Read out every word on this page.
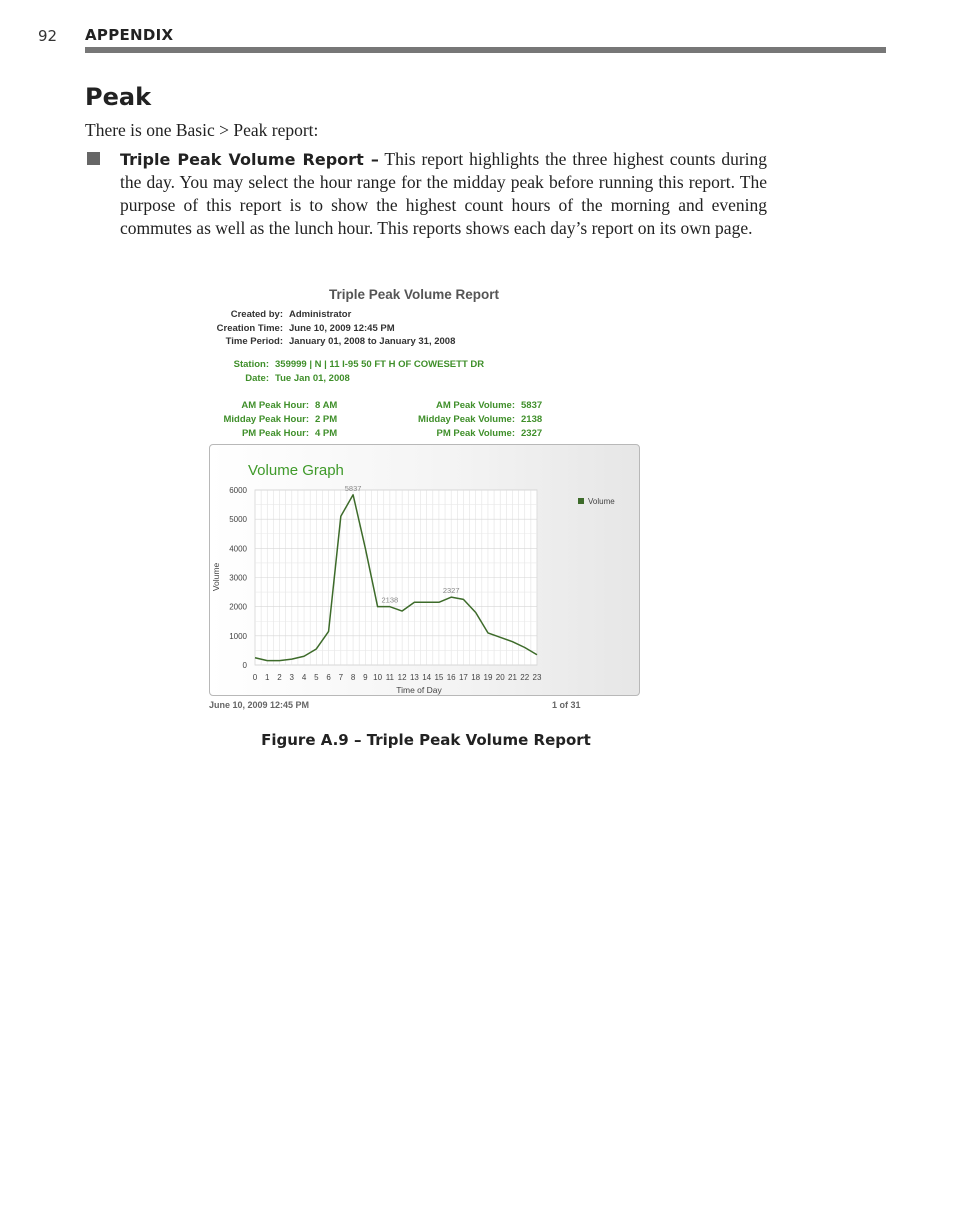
92 APPENDIX
Peak
There is one Basic > Peak report:
Triple Peak Volume Report – This report highlights the three highest counts during the day. You may select the hour range for the midday peak before running this report. The purpose of this report is to show the highest count hours of the morning and evening commutes as well as the lunch hour. This reports shows each day’s report on its own page.
Triple Peak Volume Report
Created by: Administrator
Creation Time: June 10, 2009 12:45 PM
Time Period: January 01, 2008 to January 31, 2008
Station: 359999 | N | 11 I-95 50 FT H OF COWESETT DR
Date: Tue Jan 01, 2008
AM Peak Hour: 8 AM
Midday Peak Hour: 2 PM
PM Peak Hour: 4 PM
AM Peak Volume: 5837
Midday Peak Volume: 2138
PM Peak Volume: 2327
Volume Graph
0
1000
2000
3000
4000
5000
6000
0 1 2 3 4 5 6 7 8 9 10 11 12 13 14 15 16 17 18 19 20 21 22 23
5837
2138
2327
Time of Day
Volume
Volume
June 10, 2009 12:45 PM	1 of 31
Figure A.9 – Triple Peak Volume Report
